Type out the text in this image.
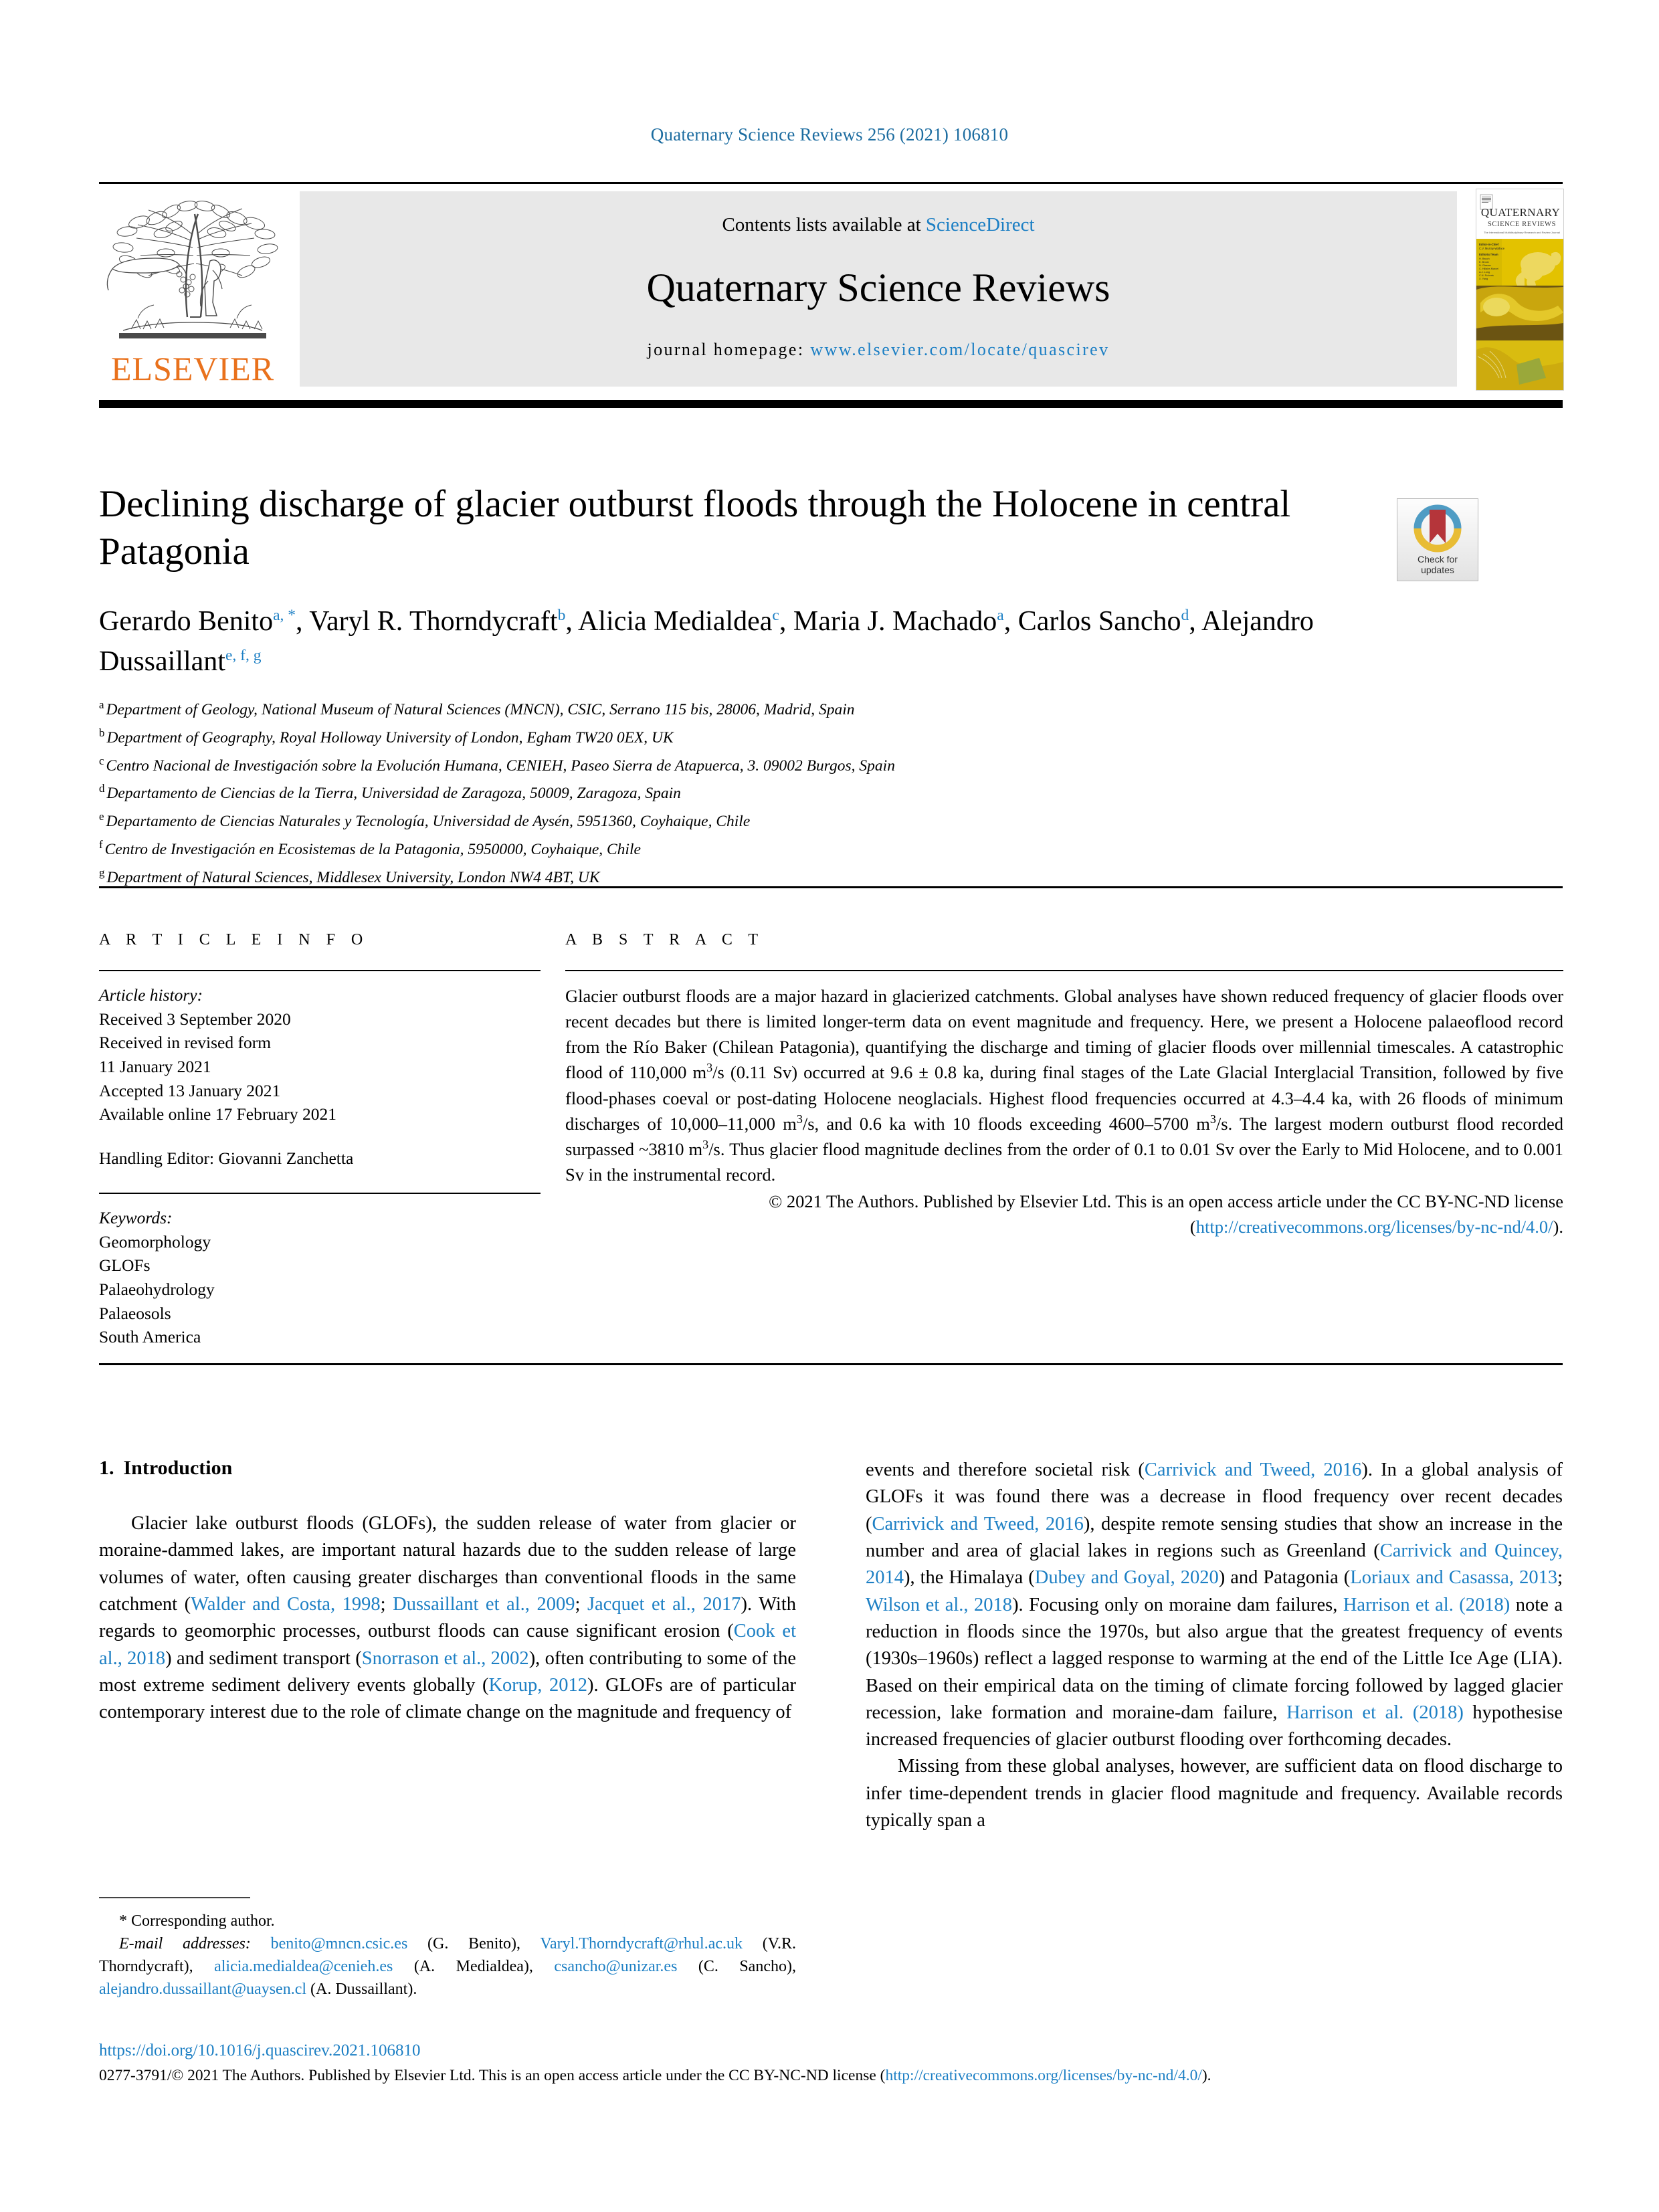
Quaternary Science Reviews 256 (2021) 106810
ELSEVIER
Contents lists available at ScienceDirect
Quaternary Science Reviews
journal homepage: www.elsevier.com/locate/quascirev
QUATERNARY
SCIENCE REVIEWS
The International Multidisciplinary Research and Review Journal
Editor-in-Chief
C.V. Murray-Wallace
Editorial Team
H. Bauch
E. Brook
N. Glasser
C. Hillaire-Marcel
A.J. Long
C.N. Roberts
X. Yang
Declining discharge of glacier outburst floods through the Holocene in central Patagonia	Check for
updates
Gerardo Benito$^{a, *}$, Varyl R. Thorndycraft$^b$, Alicia Medialdea$^c$, Maria J. Machado$^a$, Carlos Sancho$^d$, Alejandro Dussaillant$^{e, f, g}$
$^a$ Department of Geology, National Museum of Natural Sciences (MNCN), CSIC, Serrano 115 bis, 28006, Madrid, Spain
$^b$ Department of Geography, Royal Holloway University of London, Egham TW20 0EX, UK
$^c$ Centro Nacional de Investigación sobre la Evolución Humana, CENIEH, Paseo Sierra de Atapuerca, 3. 09002 Burgos, Spain
$^d$ Departamento de Ciencias de la Tierra, Universidad de Zaragoza, 50009, Zaragoza, Spain
$^e$ Departamento de Ciencias Naturales y Tecnología, Universidad de Aysén, 5951360, Coyhaique, Chile
$^f$ Centro de Investigación en Ecosistemas de la Patagonia, 5950000, Coyhaique, Chile
$^g$ Department of Natural Sciences, Middlesex University, London NW4 4BT, UK
A R T I C L E I N F O
Article history:
Received 3 September 2020
Received in revised form
11 January 2021
Accepted 13 January 2021
Available online 17 February 2021
Handling Editor: Giovanni Zanchetta
Keywords:
Geomorphology
GLOFs
Palaeohydrology
Palaeosols
South America
A B S T R A C T
Glacier outburst floods are a major hazard in glacierized catchments. Global analyses have shown reduced frequency of glacier floods over recent decades but there is limited longer-term data on event magnitude and frequency. Here, we present a Holocene palaeoflood record from the Río Baker (Chilean Patagonia), quantifying the discharge and timing of glacier floods over millennial timescales. A catastrophic flood of 110,000 $m^3/s$ (0.11 Sv) occurred at 9.6 ± 0.8 ka, during final stages of the Late Glacial Interglacial Transition, followed by five flood-phases coeval or post-dating Holocene neoglacials. Highest flood frequencies occurred at 4.3–4.4 ka, with 26 floods of minimum discharges of 10,000–11,000 $m^3/s$, and 0.6 ka with 10 floods exceeding 4600–5700 $m^3/s$. The largest modern outburst flood recorded surpassed ~3810 $m^3/s$. Thus glacier flood magnitude declines from the order of 0.1 to 0.01 Sv over the Early to Mid Holocene, and to 0.001 Sv in the instrumental record.
© 2021 The Authors. Published by Elsevier Ltd. This is an open access article under the CC BY-NC-ND license (http://creativecommons.org/licenses/by-nc-nd/4.0/).
1. Introduction

Glacier lake outburst floods (GLOFs), the sudden release of water from glacier or moraine-dammed lakes, are important natural hazards due to the sudden release of large volumes of water, often causing greater discharges than conventional floods in the same catchment (Walder and Costa, 1998; Dussaillant et al., 2009; Jacquet et al., 2017). With regards to geomorphic processes, outburst floods can cause significant erosion (Cook et al., 2018) and sediment transport (Snorrason et al., 2002), often contributing to some of the most extreme sediment delivery events globally (Korup, 2012). GLOFs are of particular contemporary interest due to the role of climate change on the magnitude and frequency of

events and therefore societal risk (Carrivick and Tweed, 2016). In a global analysis of GLOFs it was found there was a decrease in flood frequency over recent decades (Carrivick and Tweed, 2016), despite remote sensing studies that show an increase in the number and area of glacial lakes in regions such as Greenland (Carrivick and Quincey, 2014), the Himalaya (Dubey and Goyal, 2020) and Patagonia (Loriaux and Casassa, 2013; Wilson et al., 2018). Focusing only on moraine dam failures, Harrison et al. (2018) note a reduction in floods since the 1970s, but also argue that the greatest frequency of events (1930s–1960s) reflect a lagged response to warming at the end of the Little Ice Age (LIA). Based on their empirical data on the timing of climate forcing followed by lagged glacier recession, lake formation and moraine-dam failure, Harrison et al. (2018) hypothesise increased frequencies of glacier outburst flooding over forthcoming decades.

Missing from these global analyses, however, are sufficient data on flood discharge to infer time-dependent trends in glacier flood magnitude and frequency. Available records typically span a

* Corresponding author.
E-mail addresses: benito@mncn.csic.es (G. Benito), Varyl.Thorndycraft@rhul.ac.uk (V.R. Thorndycraft), alicia.medialdea@cenieh.es (A. Medialdea), csancho@unizar.es (C. Sancho), alejandro.dussaillant@uaysen.cl (A. Dussaillant).
https://doi.org/10.1016/j.quascirev.2021.106810
0277-3791/© 2021 The Authors. Published by Elsevier Ltd. This is an open access article under the CC BY-NC-ND license (http://creativecommons.org/licenses/by-nc-nd/4.0/).
